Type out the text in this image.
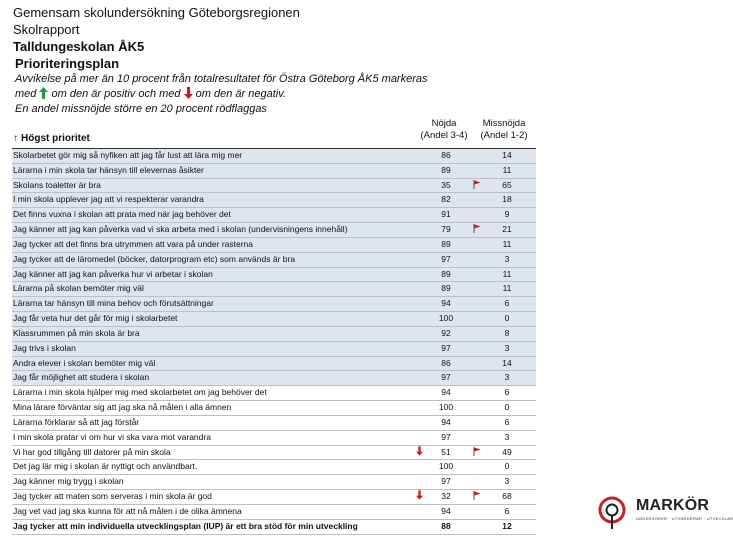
Gemensam skolundersökning Göteborgsregionen
Skolrapport
Talldungeskolan ÅK5
Prioriteringsplan
Avvikelse på mer än 10 procent från totalresultatet för Östra Göteborg ÅK5 markeras
med om den är positiv och med om den är negativ.
En andel missnöjde större en 20 procent rödflaggas
Nöjda
(Andel 3-4)
Missnöjda
(Andel 1-2)
↑ Högst prioritet
Skolarbetet gör mig så nyfiken att jag får lust att lära mig mer	86	14
Lärarna i min skola tar hänsyn till elevernas åsikter	89	11
Skolans toaletter är bra	35	65
I min skola upplever jag att vi respekterar varandra	82	18
Det finns vuxna i skolan att prata med när jag behöver det	91	9
Jag känner att jag kan påverka vad vi ska arbeta med i skolan (undervisningens innehåll)	79	21
Jag tycker att det finns bra utrymmen att vara på under rasterna	89	11
Jag tycker att de läromedel (böcker, datorprogram etc) som används är bra	97	3
Jag känner att jag kan påverka hur vi arbetar i skolan	89	11
Lärarna på skolan bemöter mig väl	89	11
Lärarna tar hänsyn till mina behov och förutsättningar	94	6
Jag får veta hur det går för mig i skolarbetet	100	0
Klassrummen på min skola är bra	92	8
Jag trivs i skolan	97	3
Andra elever i skolan bemöter mig väl	86	14
Jag får möjlighet att studera i skolan	97	3
Lärarna i min skola hjälper mig med skolarbetet om jag behöver det	94	6
Mina lärare förväntar sig att jag ska nå målen i alla ämnen	100	0
Lärarna förklarar så att jag förstår	94	6
I min skola pratar vi om hur vi ska vara mot varandra	97	3
Vi har god tillgång till datorer på min skola	51	49
Det jag lär mig i skolan är nyttigt och användbart.	100	0
Jag känner mig trygg i skolan	97	3
Jag tycker att maten som serveras i min skola är god	32	68
Jag vet vad jag ska kunna för att nå målen i de olika ämnena	94	6
Jag tycker att min individuella utvecklingsplan (IUP) är ett bra stöd för min utveckling	88	12
MARKÖR
UNDERSÖKER · UTVÄRDERAR · UTVECKLAR
